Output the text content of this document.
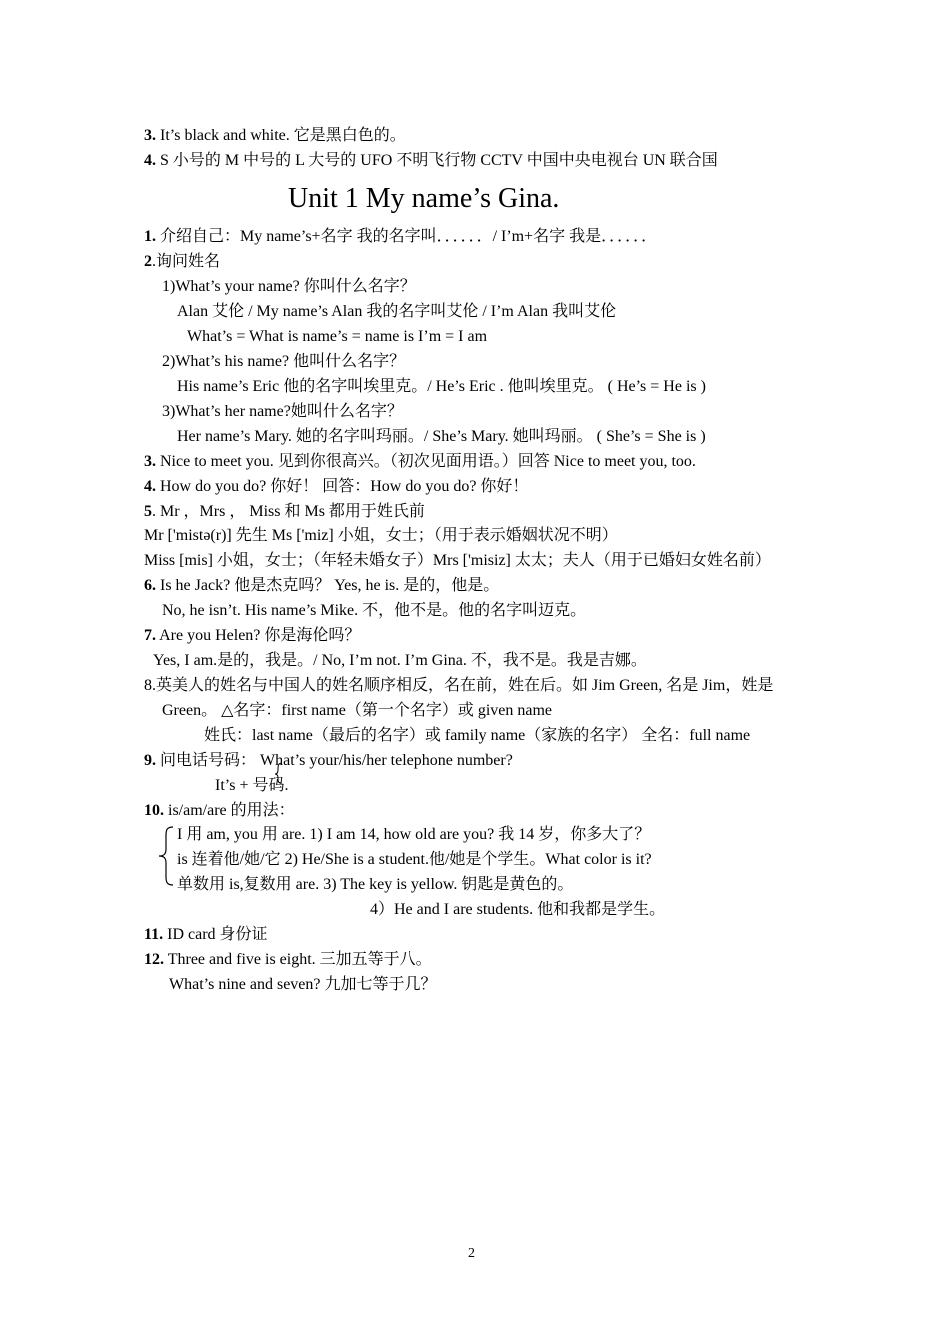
3. It’s black and white. 它是黑白色的。
4. S 小号的 M 中号的 L 大号的 UFO 不明飞行物 CCTV 中国中央电视台 UN 联合国
Unit 1 My name’s Gina.
1. 介绍自己：My name’s+名字 我的名字叫．．．．．．/ I’m+名字 我是．．．．．．
2.询问姓名
1)What’s your name? 你叫什么名字？
Alan 艾伦 / My name’s Alan 我的名字叫艾伦 / I’m Alan 我叫艾伦
What’s = What is name’s = name is I’m = I am
2)What’s his name? 他叫什么名字？
His name’s Eric 他的名字叫埃里克。/ He’s Eric . 他叫埃里克。 ( He’s = He is )
3)What’s her name?她叫什么名字？
Her name’s Mary. 她的名字叫玛丽。/ She’s Mary. 她叫玛丽。 ( She’s = She is )
3. Nice to meet you. 见到你很高兴。（初次见面用语。）回答 Nice to meet you, too.
4. How do you do? 你好！ 回答：How do you do? 你好！
5. Mr ，Mrs ， Miss 和 Ms 都用于姓氏前
Mr ['mistə(r)] 先生 Ms ['miz] 小姐，女士；（用于表示婚姻状况不明）
Miss [mis] 小姐，女士；（年轻未婚女子）Mrs ['misiz] 太太；夫人（用于已婚妇女姓名前）
6. Is he Jack? 他是杰克吗？ Yes, he is. 是的，他是。
No, he isn’t. His name’s Mike. 不，他不是。他的名字叫迈克。
7. Are you Helen? 你是海伦吗？
Yes, I am.是的，我是。/ No, I’m not. I’m Gina. 不，我不是。我是吉娜。
8.英美人的姓名与中国人的姓名顺序相反，名在前，姓在后。如 Jim Green, 名是 Jim，姓是
Green。 △名字：first name（第一个名字）或 given name
姓氏：last name（最后的名字）或 family name（家族的名字） 全名：full name
9. 问电话号码： What’s your/his/her telephone number?
It’s + 号码.
10. is/am/are 的用法：
I 用 am, you 用 are. 1) I am 14, how old are you? 我 14 岁，你多大了？
is 连着他/她/它 2) He/She is a student.他/她是个学生。What color is it?
单数用 is,复数用 are. 3) The key is yellow. 钥匙是黄色的。
4）He and I are students. 他和我都是学生。
11. ID card 身份证
12. Three and five is eight. 三加五等于八。
What’s nine and seven? 九加七等于几？
2
